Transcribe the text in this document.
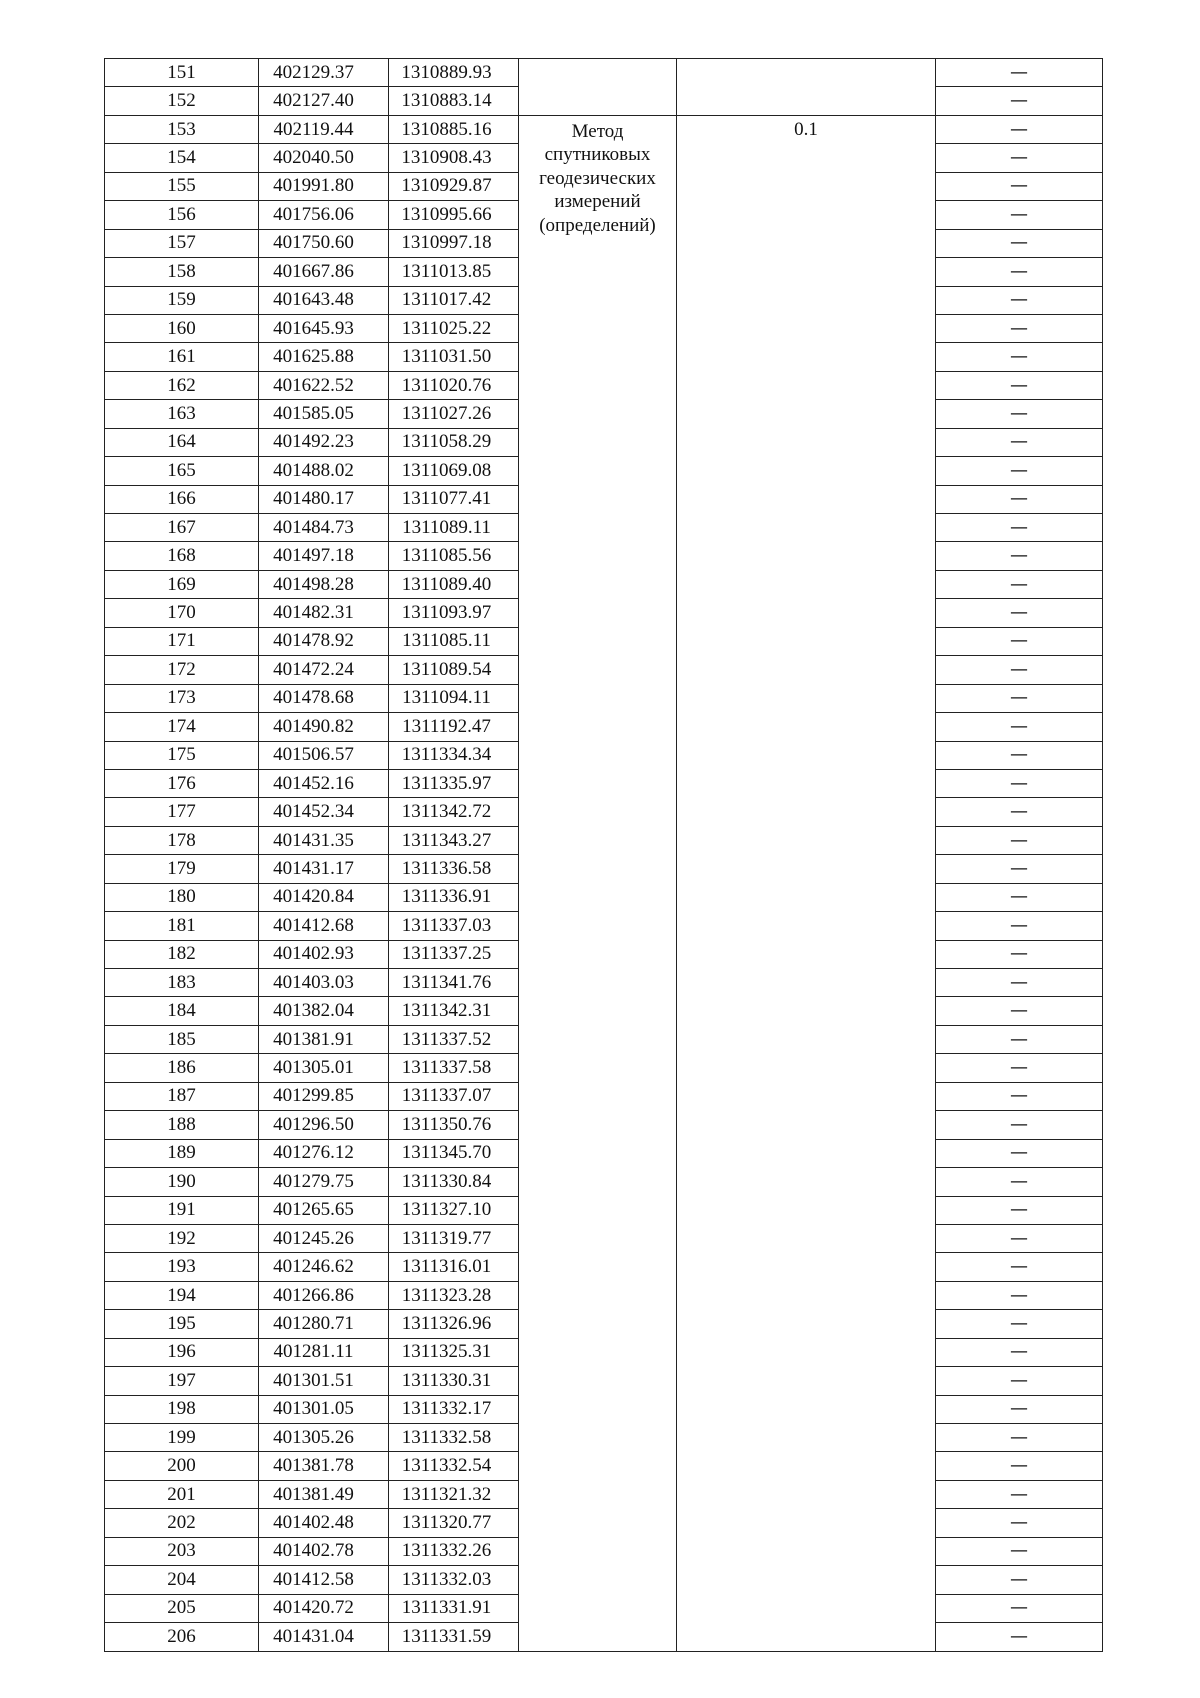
151	402129.37	1310889.93			—
152	402127.40	1310883.14			—
153	402119.44	1310885.16	Метод
спутниковых
геодезических
измерений
(определений)	0.1	—
154	402040.50	1310908.43			—
155	401991.80	1310929.87			—
156	401756.06	1310995.66			—
157	401750.60	1310997.18			—
158	401667.86	1311013.85			—
159	401643.48	1311017.42			—
160	401645.93	1311025.22			—
161	401625.88	1311031.50			—
162	401622.52	1311020.76			—
163	401585.05	1311027.26			—
164	401492.23	1311058.29			—
165	401488.02	1311069.08			—
166	401480.17	1311077.41			—
167	401484.73	1311089.11			—
168	401497.18	1311085.56			—
169	401498.28	1311089.40			—
170	401482.31	1311093.97			—
171	401478.92	1311085.11			—
172	401472.24	1311089.54			—
173	401478.68	1311094.11			—
174	401490.82	1311192.47			—
175	401506.57	1311334.34			—
176	401452.16	1311335.97			—
177	401452.34	1311342.72			—
178	401431.35	1311343.27			—
179	401431.17	1311336.58			—
180	401420.84	1311336.91			—
181	401412.68	1311337.03			—
182	401402.93	1311337.25			—
183	401403.03	1311341.76			—
184	401382.04	1311342.31			—
185	401381.91	1311337.52			—
186	401305.01	1311337.58			—
187	401299.85	1311337.07			—
188	401296.50	1311350.76			—
189	401276.12	1311345.70			—
190	401279.75	1311330.84			—
191	401265.65	1311327.10			—
192	401245.26	1311319.77			—
193	401246.62	1311316.01			—
194	401266.86	1311323.28			—
195	401280.71	1311326.96			—
196	401281.11	1311325.31			—
197	401301.51	1311330.31			—
198	401301.05	1311332.17			—
199	401305.26	1311332.58			—
200	401381.78	1311332.54			—
201	401381.49	1311321.32			—
202	401402.48	1311320.77			—
203	401402.78	1311332.26			—
204	401412.58	1311332.03			—
205	401420.72	1311331.91			—
206	401431.04	1311331.59			—
